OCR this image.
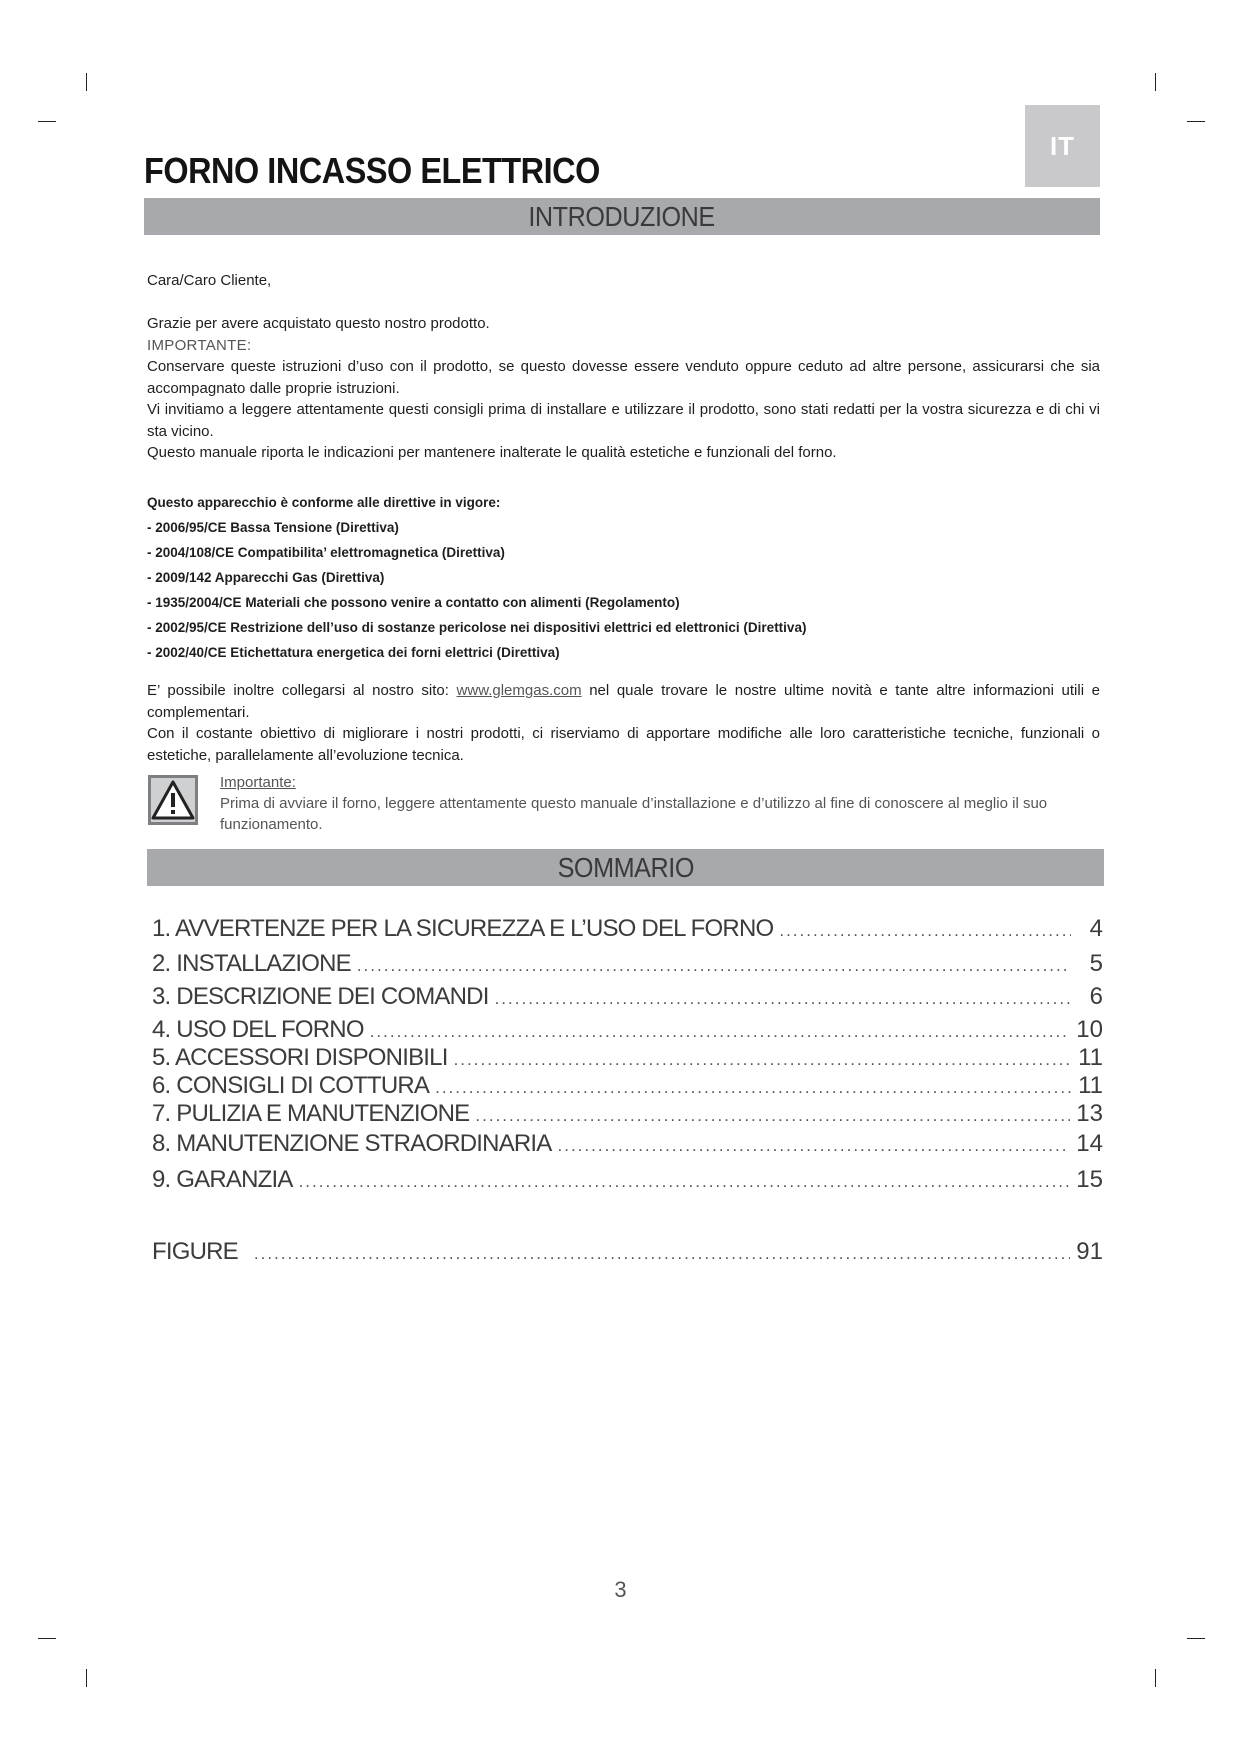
IT
FORNO INCASSO ELETTRICO
INTRODUZIONE
Cara/Caro Cliente,

Grazie per avere acquistato questo nostro prodotto.

IMPORTANTE:

Conservare queste istruzioni d’uso con il prodotto, se questo dovesse essere venduto oppure ceduto ad altre persone, assicurarsi che sia accompagnato dalle proprie istruzioni.

Vi invitiamo a leggere attentamente questi consigli prima di installare e utilizzare il prodotto, sono stati redatti per la vostra sicurezza e di chi vi sta vicino.

Questo manuale riporta le indicazioni per mantenere inalterate le qualità estetiche e funzionali del forno.

Questo apparecchio è conforme alle direttive in vigore:

- 2006/95/CE Bassa Tensione (Direttiva)

- 2004/108/CE Compatibilita’ elettromagnetica (Direttiva)

- 2009/142 Apparecchi Gas (Direttiva)

- 1935/2004/CE Materiali che possono venire a contatto con alimenti (Regolamento)

- 2002/95/CE Restrizione dell’uso di sostanze pericolose nei dispositivi elettrici ed elettronici (Direttiva)

- 2002/40/CE Etichettatura energetica dei forni elettrici (Direttiva)

E’ possibile inoltre collegarsi al nostro sito: www.glemgas.com nel quale trovare le nostre ultime novità e tante altre informazioni utili e complementari.

Con il costante obiettivo di migliorare i nostri prodotti, ci riserviamo di apportare modifiche alle loro caratteristiche tecniche, funzionali o estetiche, parallelamente all’evoluzione tecnica.

Importante:
Prima di avviare il forno, leggere attentamente questo manuale d’installazione e d’utilizzo al fine di conoscere al meglio il suo funzionamento.
SOMMARIO
1. AVVERTENZE PER LA SICUREZZA E L’USO DEL FORNO .....	4
2. INSTALLAZIONE .....	5
3. DESCRIZIONE DEI COMANDI .....	6
4. USO DEL FORNO .....	10
5. ACCESSORI DISPONIBILI .....	11
6. CONSIGLI DI COTTURA .....	11
7. PULIZIA E MANUTENZIONE .....	13
8. MANUTENZIONE STRAORDINARIA .....	14
9. GARANZIA .....	15
FIGURE .....	91
3
